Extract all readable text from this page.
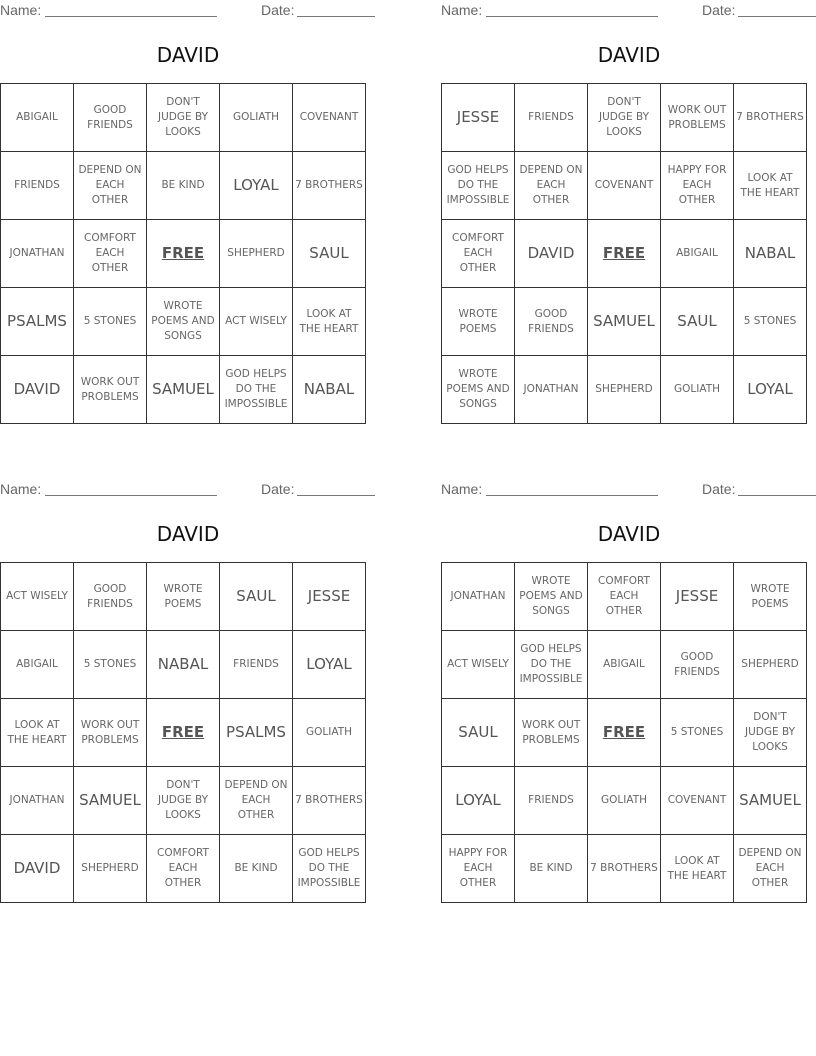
Name:	Date:
DAVID
ABIGAIL	GOOD FRIENDS	DON'T JUDGE BY LOOKS	GOLIATH	COVENANT
FRIENDS	DEPEND ON EACH OTHER	BE KIND	LOYAL	7 BROTHERS
JONATHAN	COMFORT EACH OTHER	FREE	SHEPHERD	SAUL
PSALMS	5 STONES	WROTE POEMS AND SONGS	ACT WISELY	LOOK AT THE HEART
DAVID	WORK OUT PROBLEMS	SAMUEL	GOD HELPS DO THE IMPOSSIBLE	NABAL
Name:	Date:
DAVID
JESSE	FRIENDS	DON'T JUDGE BY LOOKS	WORK OUT PROBLEMS	7 BROTHERS
GOD HELPS DO THE IMPOSSIBLE	DEPEND ON EACH OTHER	COVENANT	HAPPY FOR EACH OTHER	LOOK AT THE HEART
COMFORT EACH OTHER	DAVID	FREE	ABIGAIL	NABAL
WROTE POEMS	GOOD FRIENDS	SAMUEL	SAUL	5 STONES
WROTE POEMS AND SONGS	JONATHAN	SHEPHERD	GOLIATH	LOYAL
Name:	Date:
DAVID
ACT WISELY	GOOD FRIENDS	WROTE POEMS	SAUL	JESSE
ABIGAIL	5 STONES	NABAL	FRIENDS	LOYAL
LOOK AT THE HEART	WORK OUT PROBLEMS	FREE	PSALMS	GOLIATH
JONATHAN	SAMUEL	DON'T JUDGE BY LOOKS	DEPEND ON EACH OTHER	7 BROTHERS
DAVID	SHEPHERD	COMFORT EACH OTHER	BE KIND	GOD HELPS DO THE IMPOSSIBLE
Name:	Date:
DAVID
JONATHAN	WROTE POEMS AND SONGS	COMFORT EACH OTHER	JESSE	WROTE POEMS
ACT WISELY	GOD HELPS DO THE IMPOSSIBLE	ABIGAIL	GOOD FRIENDS	SHEPHERD
SAUL	WORK OUT PROBLEMS	FREE	5 STONES	DON'T JUDGE BY LOOKS
LOYAL	FRIENDS	GOLIATH	COVENANT	SAMUEL
HAPPY FOR EACH OTHER	BE KIND	7 BROTHERS	LOOK AT THE HEART	DEPEND ON EACH OTHER
